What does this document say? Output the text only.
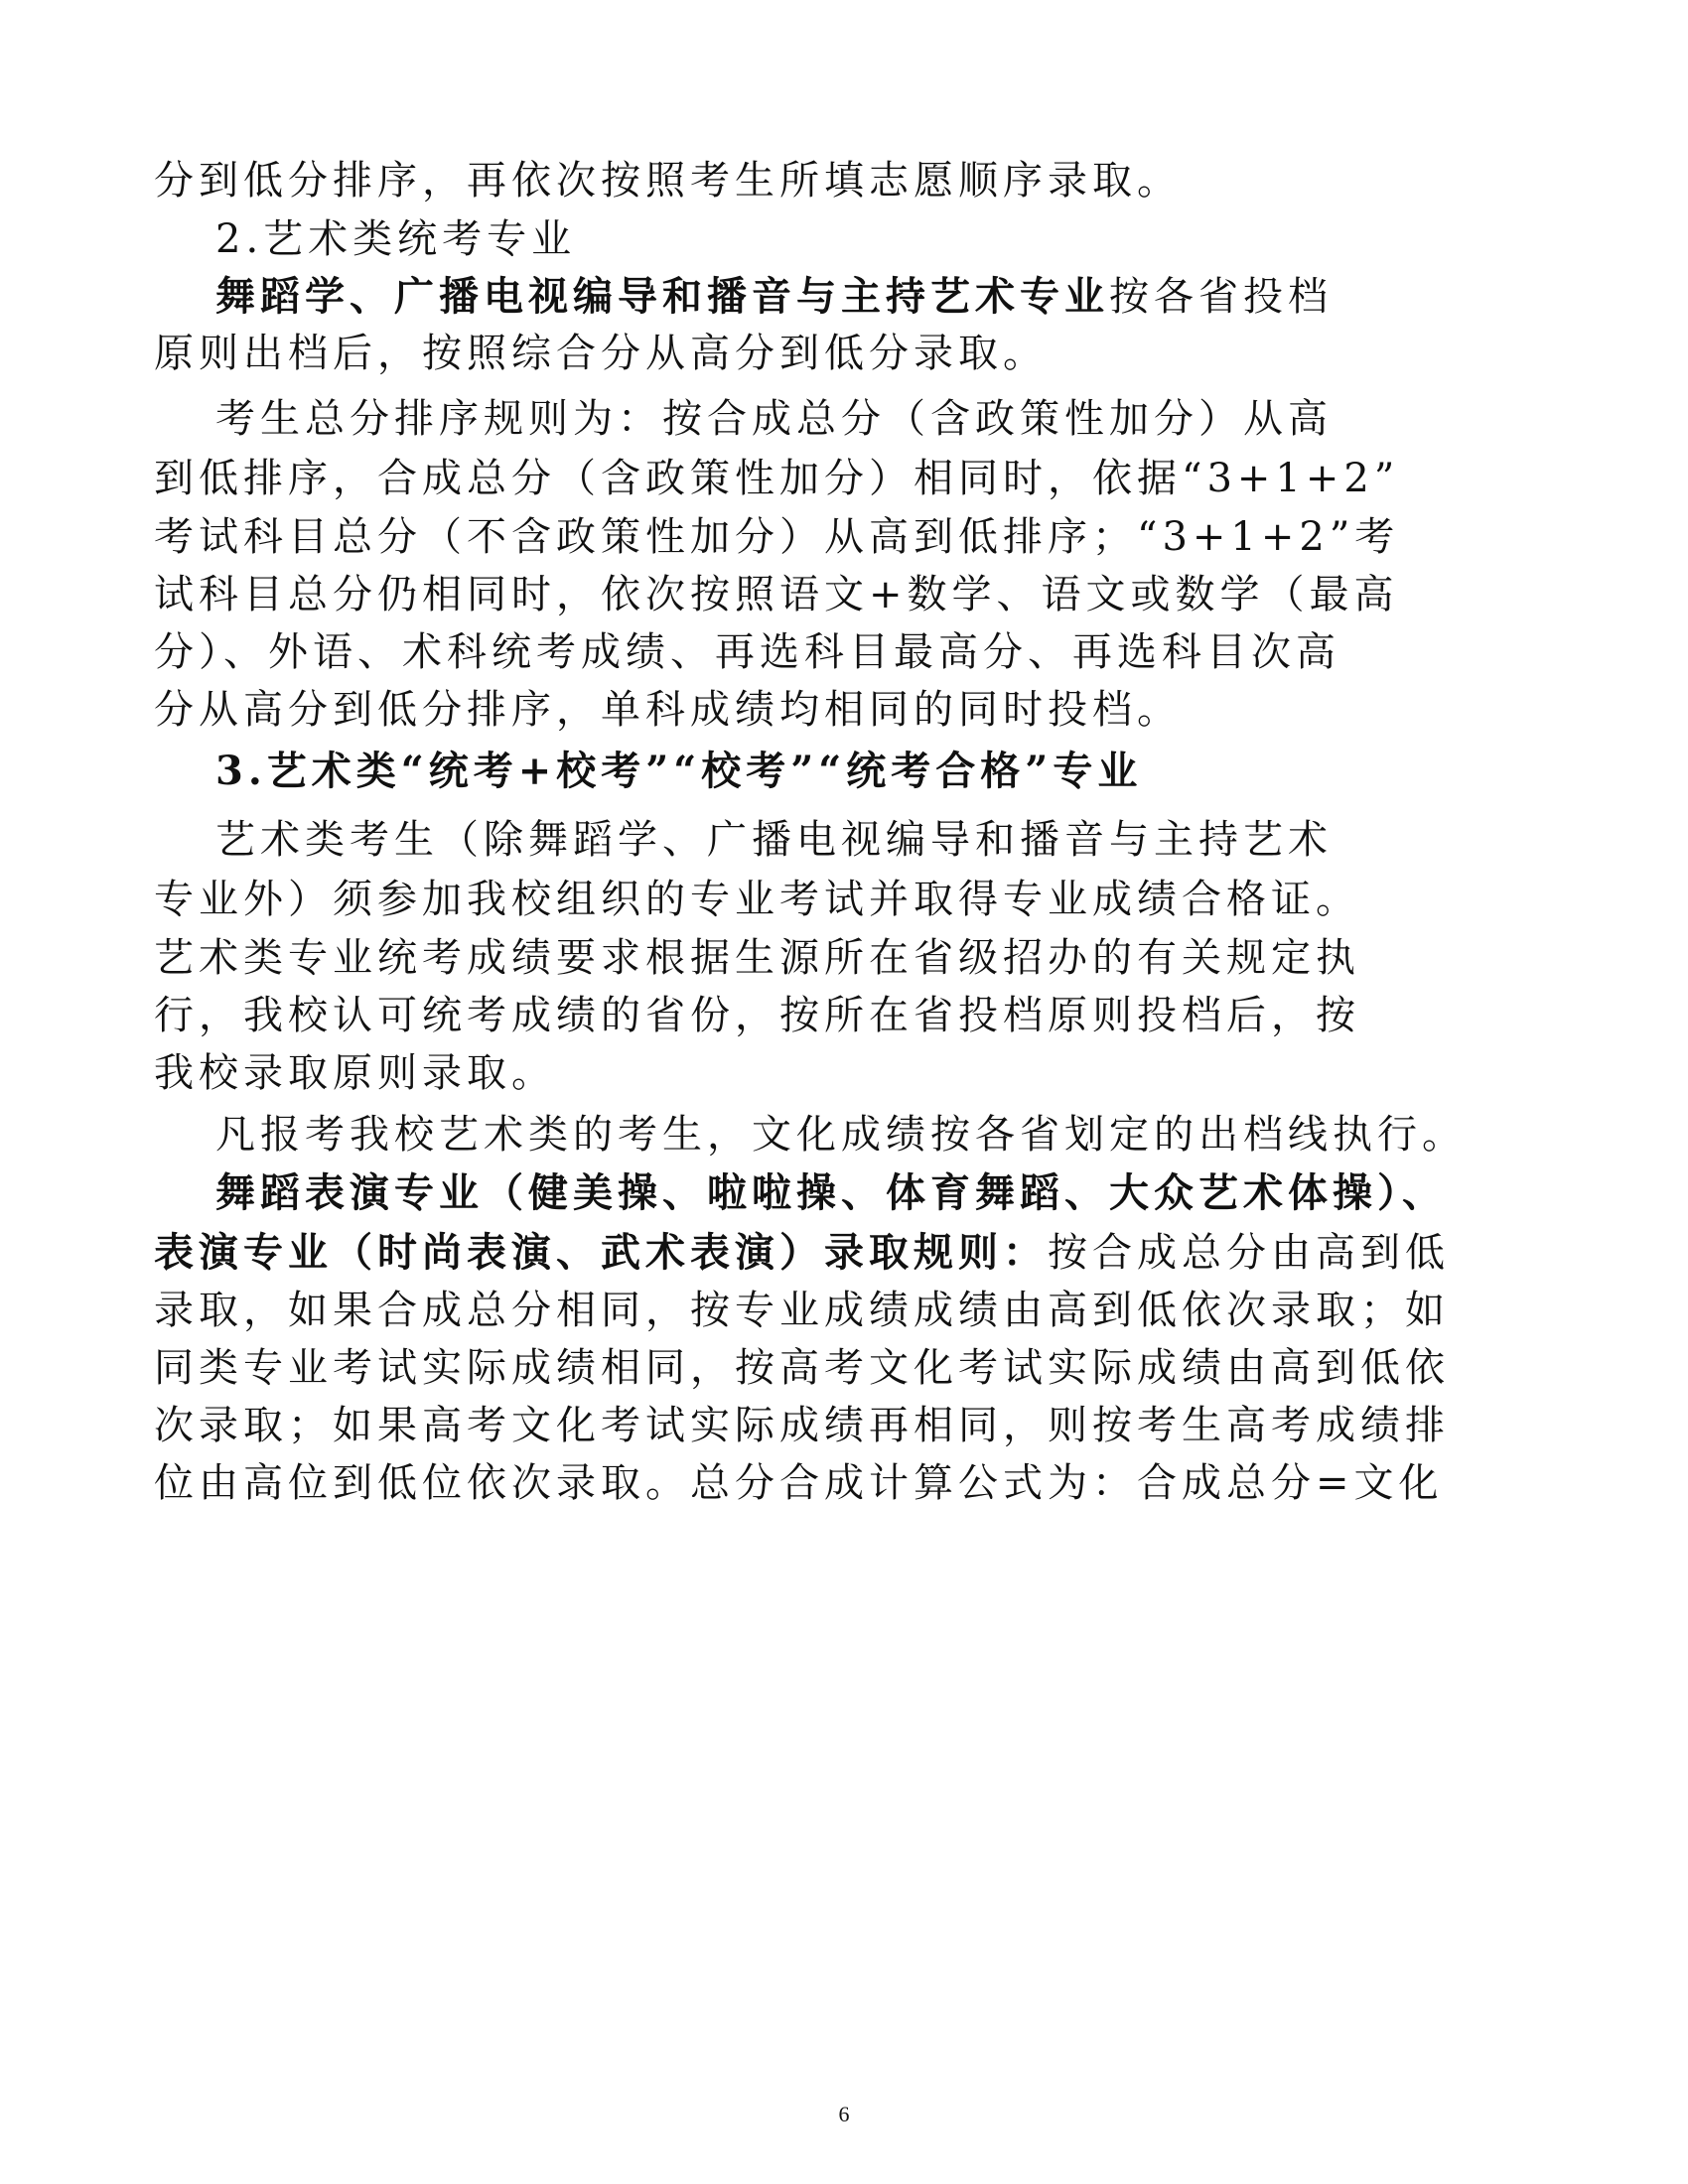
分到低分排序，再依次按照考生所填志愿顺序录取。
2.艺术类统考专业
舞蹈学、广播电视编导和播音与主持艺术专业按各省投档
原则出档后，按照综合分从高分到低分录取。
考生总分排序规则为：按合成总分（含政策性加分）从高
到低排序，合成总分（含政策性加分）相同时，依据“3+1+2”
考试科目总分（不含政策性加分）从高到低排序；“3+1+2”考
试科目总分仍相同时，依次按照语文+数学、语文或数学（最高
分）、外语、术科统考成绩、再选科目最高分、再选科目次高
分从高分到低分排序，单科成绩均相同的同时投档。
3.艺术类“统考+校考”“校考”“统考合格”专业
艺术类考生（除舞蹈学、广播电视编导和播音与主持艺术
专业外）须参加我校组织的专业考试并取得专业成绩合格证。
艺术类专业统考成绩要求根据生源所在省级招办的有关规定执
行，我校认可统考成绩的省份，按所在省投档原则投档后，按
我校录取原则录取。
凡报考我校艺术类的考生，文化成绩按各省划定的出档线执行。
舞蹈表演专业（健美操、啦啦操、体育舞蹈、大众艺术体操）、
表演专业（时尚表演、武术表演）录取规则：按合成总分由高到低
录取，如果合成总分相同，按专业成绩成绩由高到低依次录取；如
同类专业考试实际成绩相同，按高考文化考试实际成绩由高到低依
次录取；如果高考文化考试实际成绩再相同，则按考生高考成绩排
位由高位到低位依次录取。总分合成计算公式为：合成总分=文化
6
